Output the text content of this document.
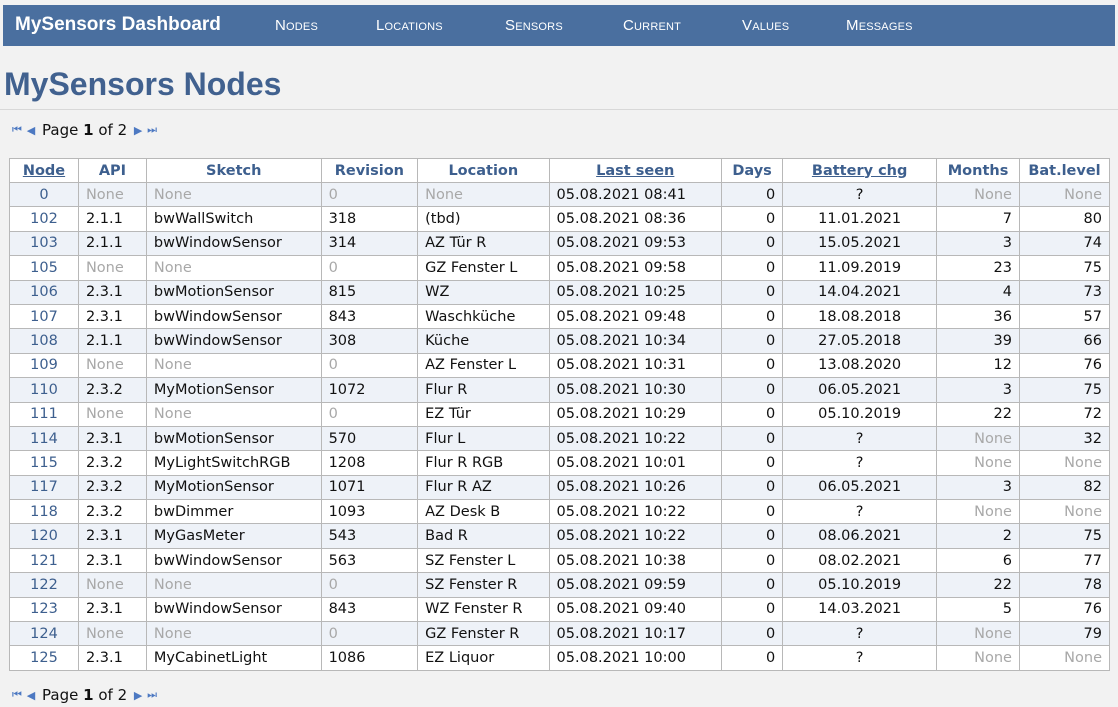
MySensors Dashboard	Nodes	Locations	Sensors	Current	Values	Messages
MySensors Nodes
⏮ ◀ Page 1 of 2 ▶ ⏭
Node	API	Sketch	Revision	Location	Last seen	Days	Battery chg	Months	Bat.level
0	None	None	0	None	05.08.2021 08:41	0	?	None	None
102	2.1.1	bwWallSwitch	318	(tbd)	05.08.2021 08:36	0	11.01.2021	7	80
103	2.1.1	bwWindowSensor	314	AZ Tür R	05.08.2021 09:53	0	15.05.2021	3	74
105	None	None	0	GZ Fenster L	05.08.2021 09:58	0	11.09.2019	23	75
106	2.3.1	bwMotionSensor	815	WZ	05.08.2021 10:25	0	14.04.2021	4	73
107	2.3.1	bwWindowSensor	843	Waschküche	05.08.2021 09:48	0	18.08.2018	36	57
108	2.1.1	bwWindowSensor	308	Küche	05.08.2021 10:34	0	27.05.2018	39	66
109	None	None	0	AZ Fenster L	05.08.2021 10:31	0	13.08.2020	12	76
110	2.3.2	MyMotionSensor	1072	Flur R	05.08.2021 10:30	0	06.05.2021	3	75
111	None	None	0	EZ Tür	05.08.2021 10:29	0	05.10.2019	22	72
114	2.3.1	bwMotionSensor	570	Flur L	05.08.2021 10:22	0	?	None	32
115	2.3.2	MyLightSwitchRGB	1208	Flur R RGB	05.08.2021 10:01	0	?	None	None
117	2.3.2	MyMotionSensor	1071	Flur R AZ	05.08.2021 10:26	0	06.05.2021	3	82
118	2.3.2	bwDimmer	1093	AZ Desk B	05.08.2021 10:22	0	?	None	None
120	2.3.1	MyGasMeter	543	Bad R	05.08.2021 10:22	0	08.06.2021	2	75
121	2.3.1	bwWindowSensor	563	SZ Fenster L	05.08.2021 10:38	0	08.02.2021	6	77
122	None	None	0	SZ Fenster R	05.08.2021 09:59	0	05.10.2019	22	78
123	2.3.1	bwWindowSensor	843	WZ Fenster R	05.08.2021 09:40	0	14.03.2021	5	76
124	None	None	0	GZ Fenster R	05.08.2021 10:17	0	?	None	79
125	2.3.1	MyCabinetLight	1086	EZ Liquor	05.08.2021 10:00	0	?	None	None
⏮ ◀ Page 1 of 2 ▶ ⏭
